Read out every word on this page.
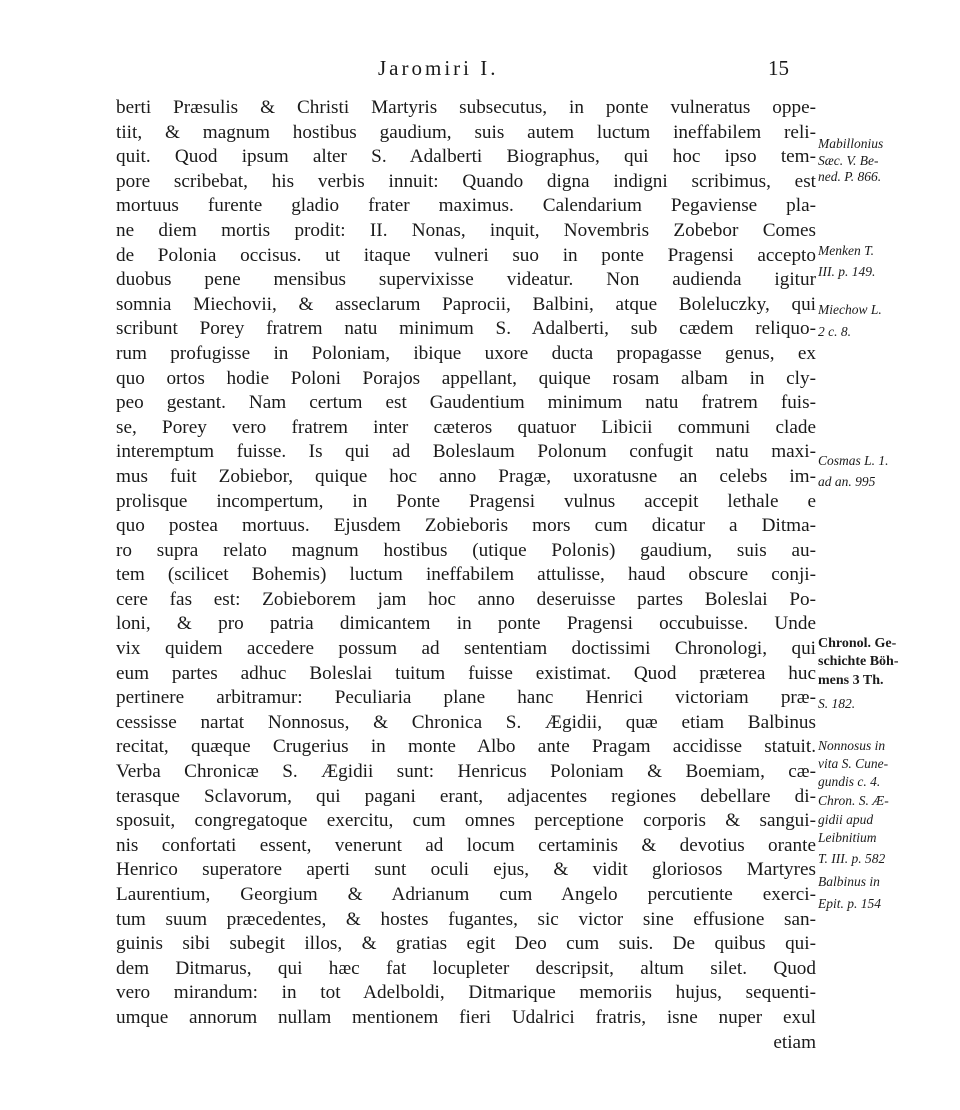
Jaromiri I.	15
berti Præsulis & Christi Martyris subsecutus, in ponte vulneratus oppe-
tiit, & magnum hostibus gaudium, suis autem luctum ineffabilem reli-
quit. Quod ipsum alter S. Adalberti Biographus, qui hoc ipso tem-
pore scribebat, his verbis innuit: Quando digna indigni scribimus, est
mortuus furente gladio frater maximus. Calendarium Pegaviense pla-
ne diem mortis prodit: II. Nonas, inquit, Novembris Zobebor Comes
de Polonia occisus. ut itaque vulneri suo in ponte Pragensi accepto
duobus pene mensibus supervixisse videatur. Non audienda igitur
somnia Miechovii, & asseclarum Paprocii, Balbini, atque Boleluczky, qui
scribunt Porey fratrem natu minimum S. Adalberti, sub cædem reliquo-
rum profugisse in Poloniam, ibique uxore ducta propagasse genus, ex
quo ortos hodie Poloni Porajos appellant, quique rosam albam in cly-
peo gestant. Nam certum est Gaudentium minimum natu fratrem fuis-
se, Porey vero fratrem inter cæteros quatuor Libicii communi clade
interemptum fuisse. Is qui ad Boleslaum Polonum confugit natu maxi-
mus fuit Zobiebor, quique hoc anno Pragæ, uxoratusne an celebs im-
prolisque incompertum, in Ponte Pragensi vulnus accepit lethale e
quo postea mortuus. Ejusdem Zobieboris mors cum dicatur a Ditma-
ro supra relato magnum hostibus (utique Polonis) gaudium, suis au-
tem (scilicet Bohemis) luctum ineffabilem attulisse, haud obscure conji-
cere fas est: Zobieborem jam hoc anno deseruisse partes Boleslai Po-
loni, & pro patria dimicantem in ponte Pragensi occubuisse. Unde
vix quidem accedere possum ad sententiam doctissimi Chronologi, qui
eum partes adhuc Boleslai tuitum fuisse existimat. Quod præterea huc
pertinere arbitramur: Peculiaria plane hanc Henrici victoriam præ-
cessisse nartat Nonnosus, & Chronica S. Ægidii, quæ etiam Balbinus
recitat, quæque Crugerius in monte Albo ante Pragam accidisse statuit.
Verba Chronicæ S. Ægidii sunt: Henricus Poloniam & Boemiam, cæ-
terasque Sclavorum, qui pagani erant, adjacentes regiones debellare di-
sposuit, congregatoque exercitu, cum omnes perceptione corporis & sangui-
nis confortati essent, venerunt ad locum certaminis & devotius orante
Henrico superatore aperti sunt oculi ejus, & vidit gloriosos Martyres
Laurentium, Georgium & Adrianum cum Angelo percutiente exerci-
tum suum præcedentes, & hostes fugantes, sic victor sine effusione san-
guinis sibi subegit illos, & gratias egit Deo cum suis. De quibus qui-
dem Ditmarus, qui hæc fat locupleter descripsit, altum silet. Quod
vero mirandum: in tot Adelboldi, Ditmarique memoriis hujus, sequenti-
umque annorum nullam mentionem fieri Udalrici fratris, isne nuper exul
etiam
Mabillonius
Sæc. V. Be-
ned. P. 866.
Menken T.
III. p. 149.
Miechow L.
2 c. 8.
Cosmas L. 1.
ad an. 995
Chronol. Ge-
schichte Böh-
mens 3 Th.
S. 182.
Nonnosus in
vita S. Cune-
gundis c. 4.
Chron. S. Æ-
gidii apud
Leibnitium
T. III. p. 582
Balbinus in
Epit. p. 154
